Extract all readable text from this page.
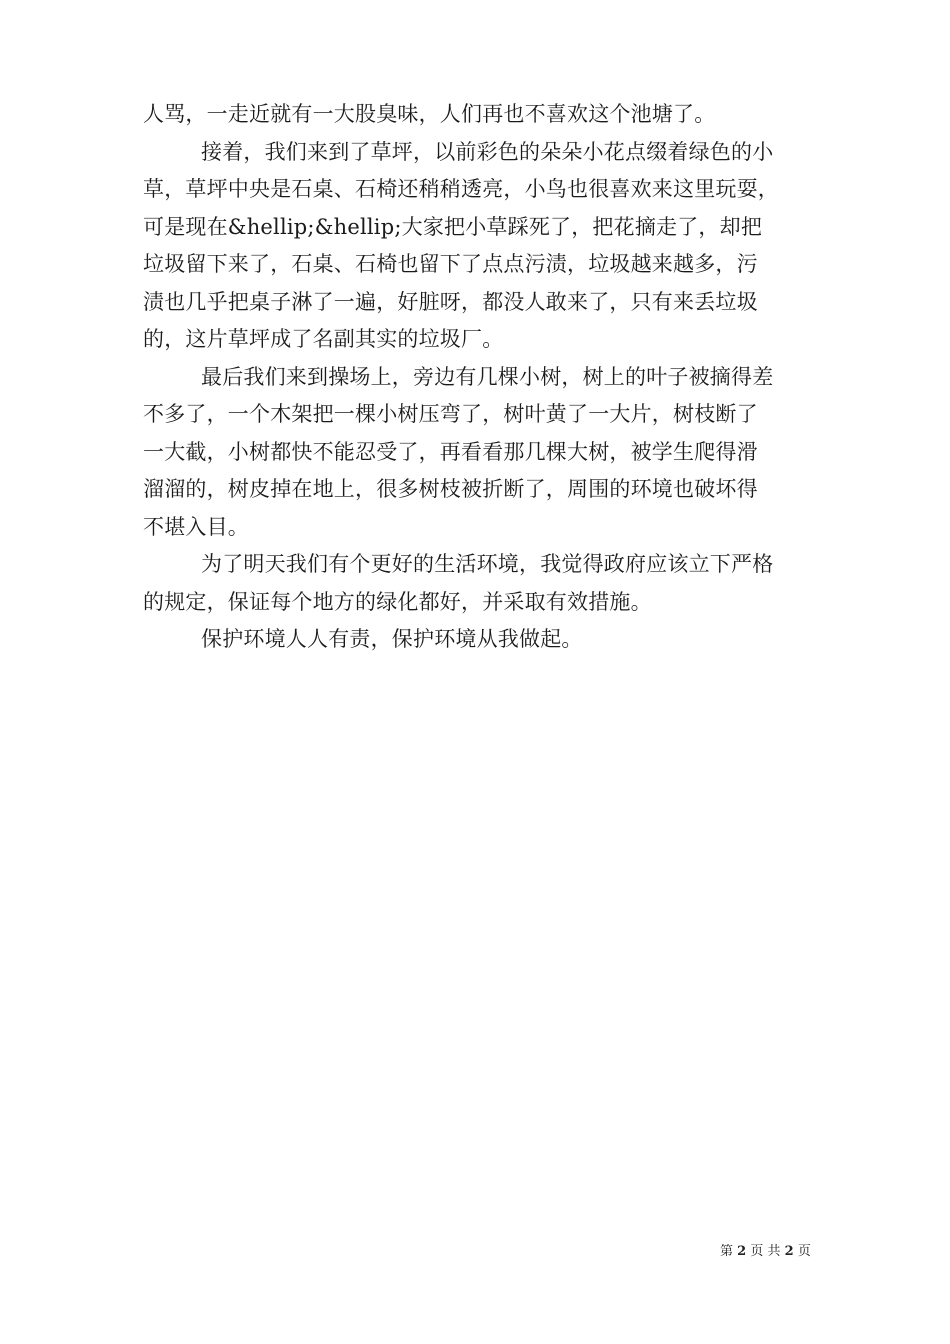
人骂，一走近就有一大股臭味，人们再也不喜欢这个池塘了。
接着，我们来到了草坪，以前彩色的朵朵小花点缀着绿色的小
草，草坪中央是石桌、石椅还稍稍透亮，小鸟也很喜欢来这里玩耍，
可是现在&hellip;&hellip;大家把小草踩死了，把花摘走了，却把
垃圾留下来了，石桌、石椅也留下了点点污渍，垃圾越来越多，污
渍也几乎把桌子淋了一遍，好脏呀，都没人敢来了，只有来丢垃圾
的，这片草坪成了名副其实的垃圾厂。
最后我们来到操场上，旁边有几棵小树，树上的叶子被摘得差
不多了，一个木架把一棵小树压弯了，树叶黄了一大片，树枝断了
一大截，小树都快不能忍受了，再看看那几棵大树，被学生爬得滑
溜溜的，树皮掉在地上，很多树枝被折断了，周围的环境也破坏得
不堪入目。
为了明天我们有个更好的生活环境，我觉得政府应该立下严格
的规定，保证每个地方的绿化都好，并采取有效措施。
保护环境人人有责，保护环境从我做起。
第 2 页 共 2 页
